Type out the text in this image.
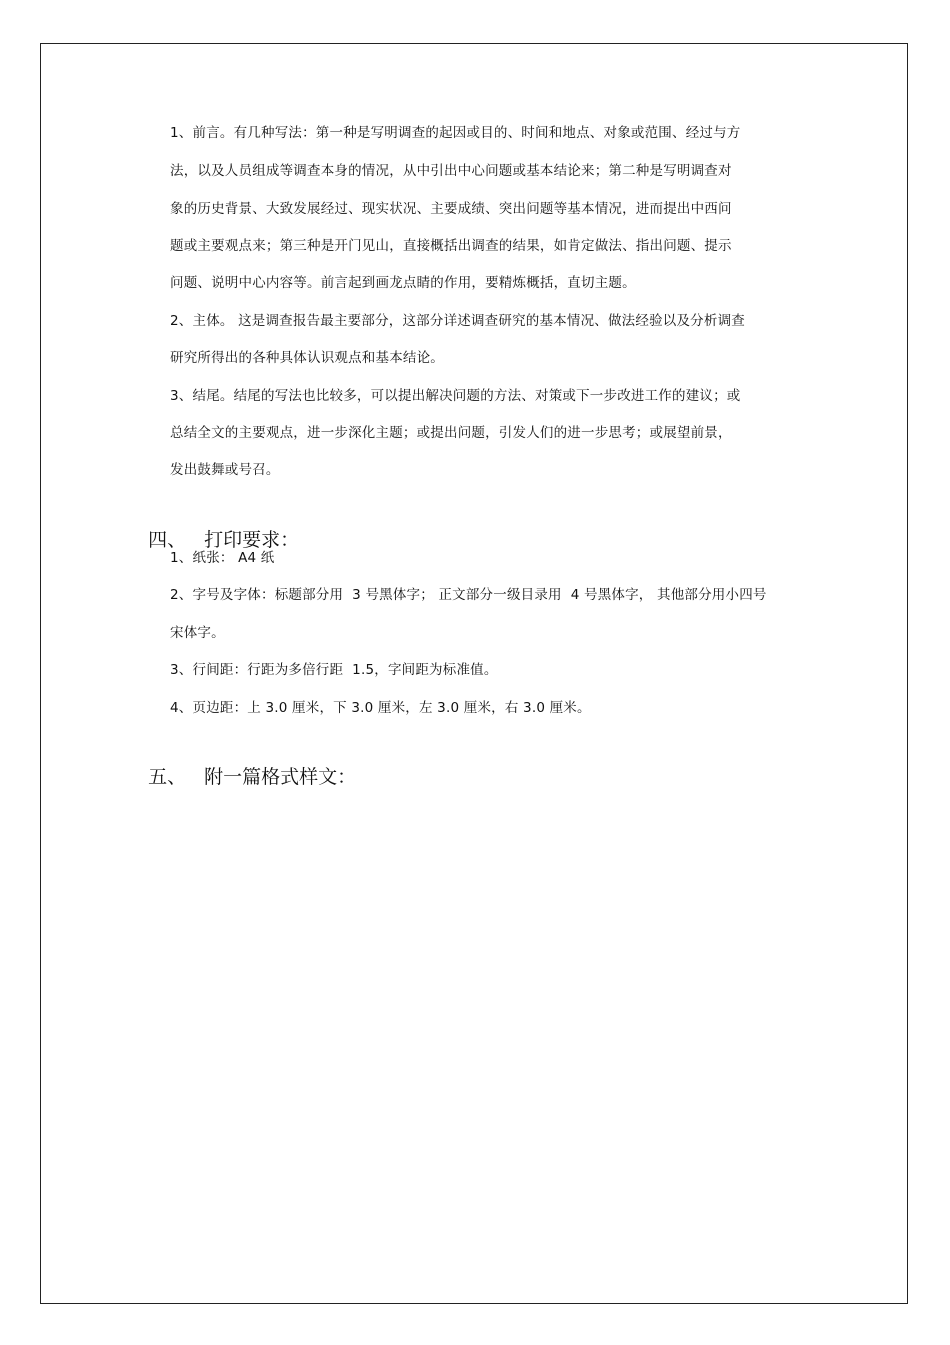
1、前言。有几种写法：第一种是写明调查的起因或目的、时间和地点、对象或范围、经过与方
法，以及人员组成等调查本身的情况，从中引出中心问题或基本结论来；第二种是写明调查对
象的历史背景、大致发展经过、现实状况、主要成绩、突出问题等基本情况，进而提出中西问
题或主要观点来；第三种是开门见山，直接概括出调查的结果，如肯定做法、指出问题、提示
问题、说明中心内容等。前言起到画龙点睛的作用，要精炼概括，直切主题。
2、主体。 这是调查报告最主要部分，这部分详述调查研究的基本情况、做法经验以及分析调查
研究所得出的各种具体认识观点和基本结论。
3、结尾。结尾的写法也比较多，可以提出解决问题的方法、对策或下一步改进工作的建议；或
总结全文的主要观点，进一步深化主题；或提出问题，引发人们的进一步思考；或展望前景，
发出鼓舞或号召。

四、 打印要求：

1、纸张： A4 纸
2、字号及字体：标题部分用  3 号黑体字； 正文部分一级目录用  4 号黑体字， 其他部分用小四号
宋体字。
3、行间距：行距为多倍行距  1.5，字间距为标准值。
4、页边距：上 3.0 厘米，下 3.0 厘米，左 3.0 厘米，右 3.0 厘米。

五、 附一篇格式样文：
